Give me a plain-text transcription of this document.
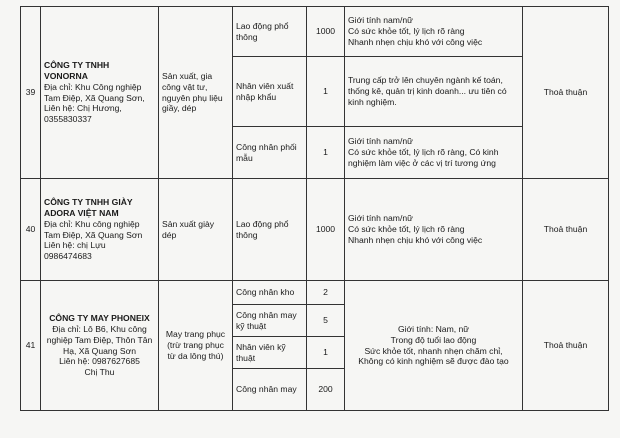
39	CÔNG TY TNHH VONORNA
Địa chỉ: Khu Công nghiệp Tam Điệp, Xã Quang Sơn,
Liên hệ: Chị Hương,
0355830337	Sản xuất, gia công vật tư, nguyên phụ liệu giầy, dép	Lao động phổ thông	1000	Giới tính nam/nữ
Có sức khỏe tốt, lý lịch rõ ràng
Nhanh nhẹn chịu khó với công việc	Thoả thuận
			Nhân viên xuất nhập khẩu	1	Trung cấp trở lên chuyên ngành kế toán, thống kê, quản trị kinh doanh... ưu tiên có kinh nghiệm.	

			Công nhân phối mẫu	1	Giới tính nam/nữ
Có sức khỏe tốt, lý lịch rõ ràng, Có kinh nghiệm làm việc ở các vị trí tương ứng	

40	CÔNG TY TNHH GIÀY ADORA VIỆT NAM
Địa chỉ: Khu công nghiệp Tam Điệp, Xã Quang Sơn
Liên hệ: chị Lựu
0986474683	Sản xuất giày dép	Lao động phổ thông	1000	Giới tính nam/nữ
Có sức khỏe tốt, lý lịch rõ ràng
Nhanh nhẹn chịu khó với công việc	Thoả thuận
41	CÔNG TY MAY PHONEIX
Địa chỉ: Lô B6, Khu công nghiệp Tam Điệp, Thôn Tân Hạ, Xã Quang Sơn
Liên hệ: 0987627685
Chị Thu	May trang phục (trừ trang phục từ da lông thú)	Công nhân kho	2	Giới tính: Nam, nữ
Trong độ tuổi lao động
Sức khỏe tốt, nhanh nhẹn chăm chỉ,
Không có kinh nghiệm sẽ được đào tạo	Thoả thuận
			Công nhân may kỹ thuật	5		
			Nhân viên kỹ thuật	1		
			Công nhân may	200		
